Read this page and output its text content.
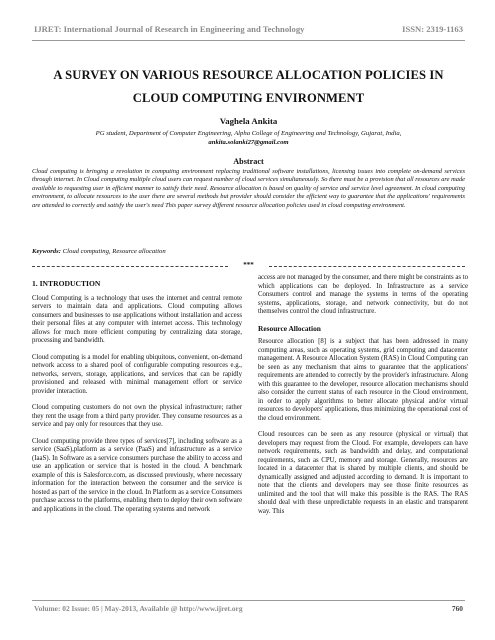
IJRET: International Journal of Research in Engineering and Technology	ISSN: 2319-1163
A SURVEY ON VARIOUS RESOURCE ALLOCATION POLICIES IN
CLOUD COMPUTING ENVIRONMENT
Vaghela Ankita
PG student, Department of Computer Engineering, Alpha College of Engineering and Technology, Gujarat, India,
ankita.solanki27@gmail.com
Abstract
Cloud computing is bringing a revolution in computing environment replacing traditional software installations, licensing issues into complete on-demand services through internet. In Cloud computing multiple cloud users can request number of cloud services simultaneously. So there must be a provision that all resources are made available to requesting user in efficient manner to satisfy their need. Resource allocation is based on quality of service and service level agreement. In cloud computing environment, to allocate resources to the user there are several methods but provider should consider the efficient way to guarantee that the applications' requirements are attended to correctly and satisfy the user's need This paper survey different resource allocation policies used in cloud computing environment.
Keywords: Cloud computing, Resource allocation
***
1. INTRODUCTION

Cloud Computing is a technology that uses the internet and central remote servers to maintain data and applications. Cloud computing allows consumers and businesses to use applications without installation and access their personal files at any computer with internet access. This technology allows for much more efficient computing by centralizing data storage, processing and bandwidth.

Cloud computing is a model for enabling ubiquitous, convenient, on-demand network access to a shared pool of configurable computing resources e.g., networks, servers, storage, applications, and services that can be rapidly provisioned and released with minimal management effort or service provider interaction.

Cloud computing customers do not own the physical infrastructure; rather they rent the usage from a third party provider. They consume resources as a service and pay only for resources that they use.

Cloud computing provide three types of services[7], including software as a service (SaaS),platform as a service (PaaS) and infrastructure as a service (IaaS). In Software as a service consumers purchase the ability to access and use an application or service that is hosted in the cloud. A benchmark example of this is Salesforce.com, as discussed previously, where necessary information for the interaction between the consumer and the service is hosted as part of the service in the cloud. In Platform as a service Consumers purchase access to the platforms, enabling them to deploy their own software and applications in the cloud. The operating systems and network

access are not managed by the consumer, and there might be constraints as to which applications can be deployed. In Infrastructure as a service Consumers control and manage the systems in terms of the operating systems, applications, storage, and network connectivity, but do not themselves control the cloud infrastructure.

Resource Allocation

Resource allocation [8] is a subject that has been addressed in many computing areas, such as operating systems, grid computing and datacenter management. A Resource Allocation System (RAS) in Cloud Computing can be seen as any mechanism that aims to guarantee that the applications' requirements are attended to correctly by the provider's infrastructure. Along with this guarantee to the developer, resource allocation mechanisms should also consider the current status of each resource in the Cloud environment, in order to apply algorithms to better allocate physical and/or virtual resources to developers' applications, thus minimizing the operational cost of the cloud environment.

Cloud resources can be seen as any resource (physical or virtual) that developers may request from the Cloud. For example, developers can have network requirements, such as bandwidth and delay, and computational requirements, such as CPU, memory and storage. Generally, resources are located in a datacenter that is shared by multiple clients, and should be dynamically assigned and adjusted according to demand. It is important to note that the clients and developers may see those finite resources as unlimited and the tool that will make this possible is the RAS. The RAS should deal with these unpredictable requests in an elastic and transparent way. This

Volume: 02 Issue: 05 | May-2013, Available @ http://www.ijret.org	760
